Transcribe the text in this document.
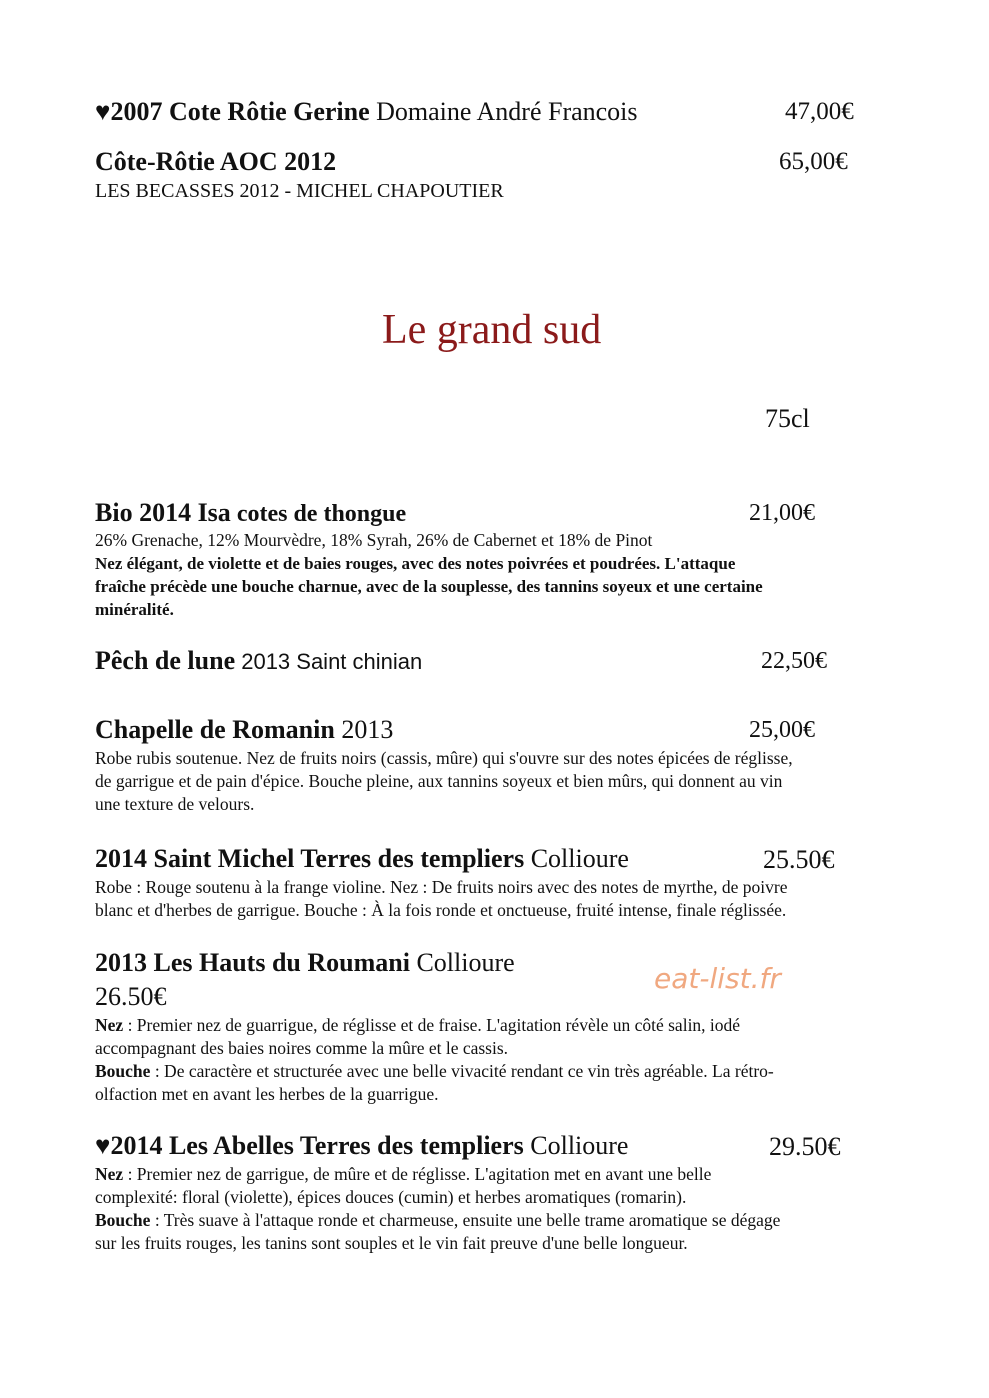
♥2007 Cote Rôtie Gerine Domaine André Francois	47,00€
Côte-Rôtie AOC 2012	65,00€
LES BECASSES 2012 - MICHEL CHAPOUTIER
Le grand sud
75cl
Bio 2014 Isa cotes de thongue	21,00€
26% Grenache, 12% Mourvèdre, 18% Syrah, 26% de Cabernet et 18% de Pinot
Nez élégant, de violette et de baies rouges, avec des notes poivrées et poudrées. L'attaque
fraîche précède une bouche charnue, avec de la souplesse, des tannins soyeux et une certaine
minéralité.
Pêch de lune 2013 Saint chinian	22,50€
Chapelle de Romanin 2013	25,00€
Robe rubis soutenue. Nez de fruits noirs (cassis, mûre) qui s'ouvre sur des notes épicées de réglisse,
de garrigue et de pain d'épice. Bouche pleine, aux tannins soyeux et bien mûrs, qui donnent au vin
une texture de velours.
2014 Saint Michel Terres des templiers Collioure	25.50€
Robe : Rouge soutenu à la frange violine. Nez : De fruits noirs avec des notes de myrthe, de poivre
blanc et d'herbes de garrigue. Bouche : À la fois ronde et onctueuse, fruité intense, finale réglissée.
2013 Les Hauts du Roumani Collioure
26.50€
Nez : Premier nez de guarrigue, de réglisse et de fraise. L'agitation révèle un côté salin, iodé
accompagnant des baies noires comme la mûre et le cassis.
Bouche : De caractère et structurée avec une belle vivacité rendant ce vin très agréable. La rétro-
olfaction met en avant les herbes de la guarrigue.
♥2014 Les Abelles Terres des templiers Collioure	29.50€
Nez : Premier nez de garrigue, de mûre et de réglisse. L'agitation met en avant une belle
complexité: floral (violette), épices douces (cumin) et herbes aromatiques (romarin).
Bouche : Très suave à l'attaque ronde et charmeuse, ensuite une belle trame aromatique se dégage
sur les fruits rouges, les tanins sont souples et le vin fait preuve d'une belle longueur.
eat-list.fr
